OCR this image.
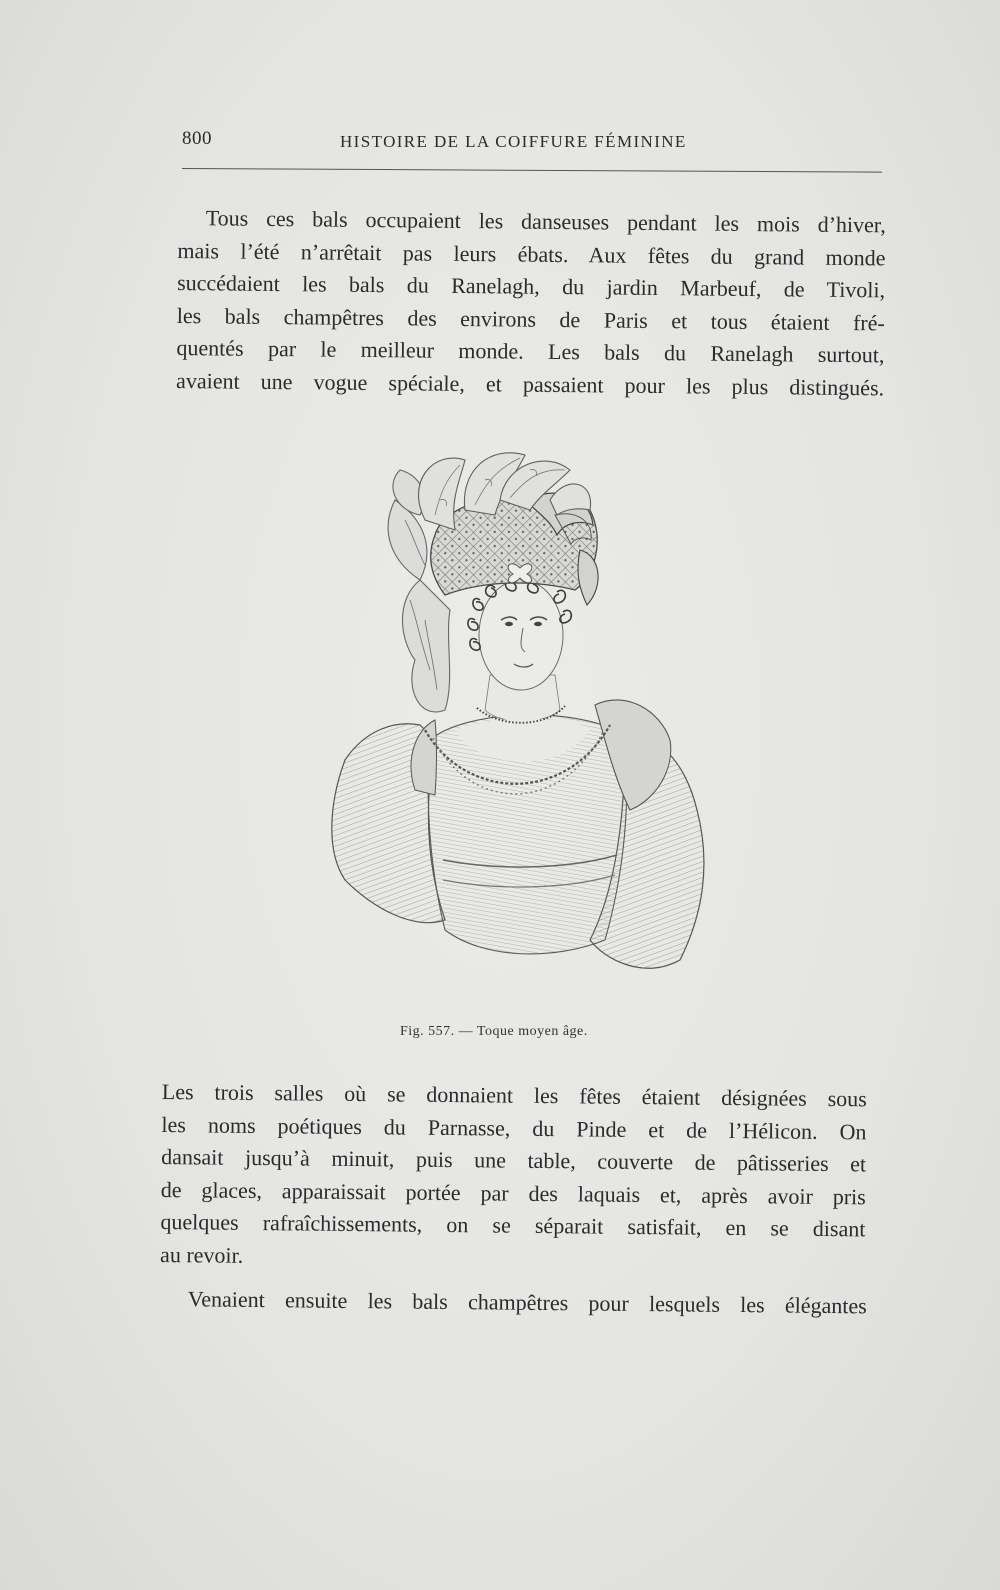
800	HISTOIRE DE LA COIFFURE FÉMININE
Tous ces bals occupaient les danseuses pendant les mois d’hiver,
mais l’été n’arrêtait pas leurs ébats. Aux fêtes du grand monde
succédaient les bals du Ranelagh, du jardin Marbeuf, de Tivoli,
les bals champêtres des environs de Paris et tous étaient fré-
quentés par le meilleur monde. Les bals du Ranelagh surtout,
avaient une vogue spéciale, et passaient pour les plus distingués.
Fig. 557. — Toque moyen âge.
Les trois salles où se donnaient les fêtes étaient désignées sous
les noms poétiques du Parnasse, du Pinde et de l’Hélicon. On
dansait jusqu’à minuit, puis une table, couverte de pâtisseries et
de glaces, apparaissait portée par des laquais et, après avoir pris
quelques rafraîchissements, on se séparait satisfait, en se disant
au revoir.
Venaient ensuite les bals champêtres pour lesquels les élégantes
